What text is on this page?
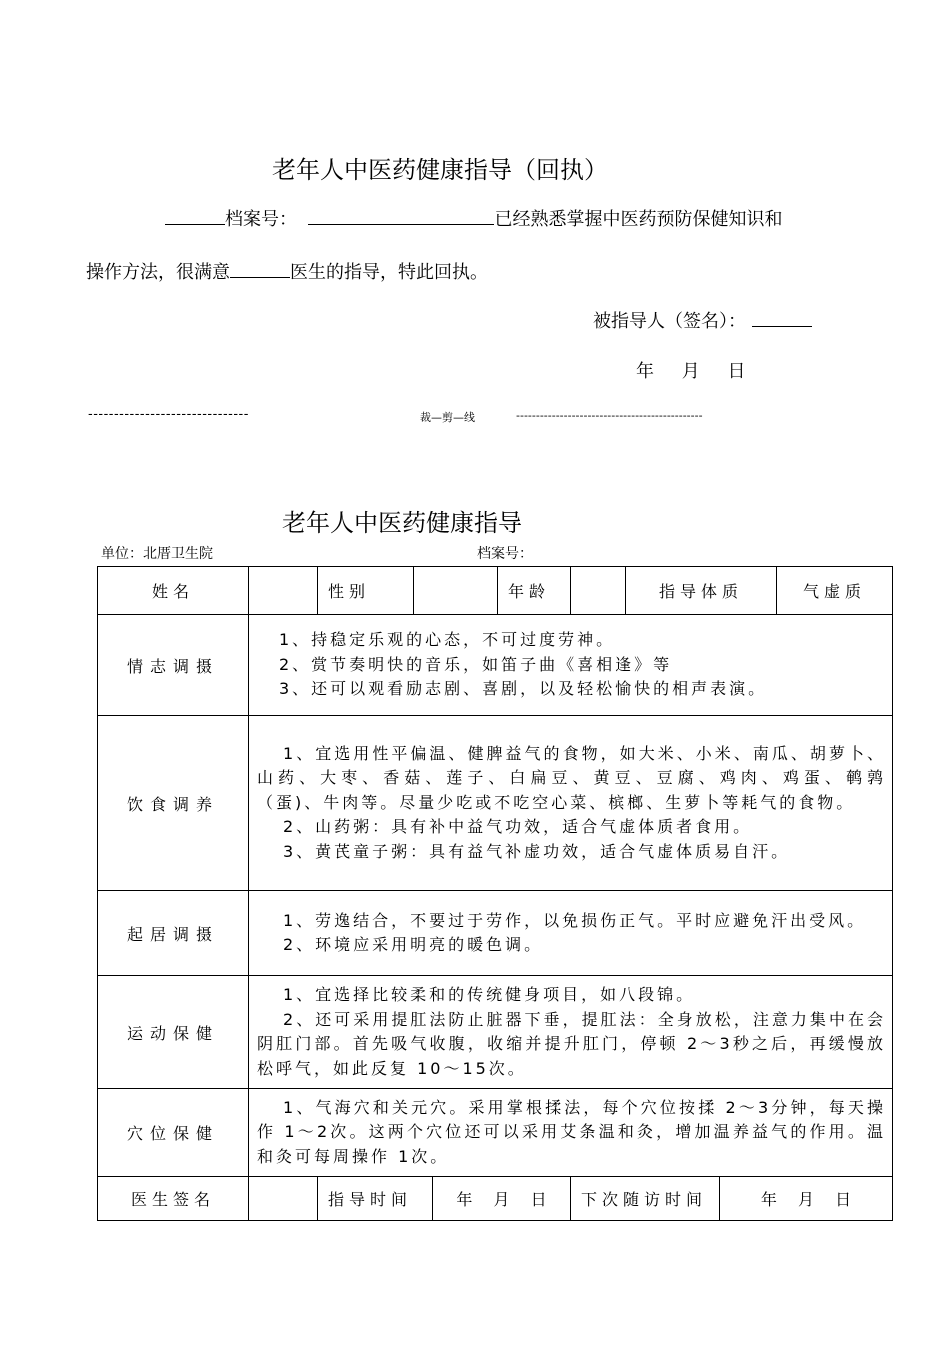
老年人中医药健康指导（回执）
档案号：	已经熟悉掌握中医药预防保健知识和
操作方法，很满意	医生的指导，特此回执。
被指导人（签名）：
年 月 日
-------------------------------	裁—剪—线	-----------------------------------------------
老年人中医药健康指导
单位：北厝卫生院	档案号：
姓名		性别			年龄		指导体质		气虚质
情志调摄	1、持稳定乐观的心态，不可过度劳神。
2、赏节奏明快的音乐，如笛子曲《喜相逢》等
3、还可以观看励志剧、喜剧，以及轻松愉快的相声表演。								

饮食调养	1、宜选用性平偏温、健脾益气的食物，如大米、小米、南瓜、胡萝卜、山药、大枣、香菇、莲子、白扁豆、黄豆、豆腐、鸡肉、鸡蛋、鹌鹑（蛋)、牛肉等。尽量少吃或不吃空心菜、槟榔、生萝卜等耗气的食物。
2、山药粥：具有补中益气功效，适合气虚体质者食用。
3、黄芪童子粥：具有益气补虚功效，适合气虚体质易自汗。								

起居调摄	1、劳逸结合，不要过于劳作，以免损伤正气。平时应避免汗出受风。
2、环境应采用明亮的暖色调。								

运动保健	1、宜选择比较柔和的传统健身项目，如八段锦。
2、还可采用提肛法防止脏器下垂，提肛法：全身放松，注意力集中在会阴肛门部。首先吸气收腹，收缩并提升肛门，停顿 2～3秒之后，再缓慢放松呼气，如此反复 10～15次。								

穴位保健	1、气海穴和关元穴。采用掌根揉法，每个穴位按揉 2～3分钟，每天操作 1～2次。这两个穴位还可以采用艾条温和灸，增加温养益气的作用。温和灸可每周操作 1次。								

医生签名		指导时间		年 月 日		下次随访时间		年 月 日	
